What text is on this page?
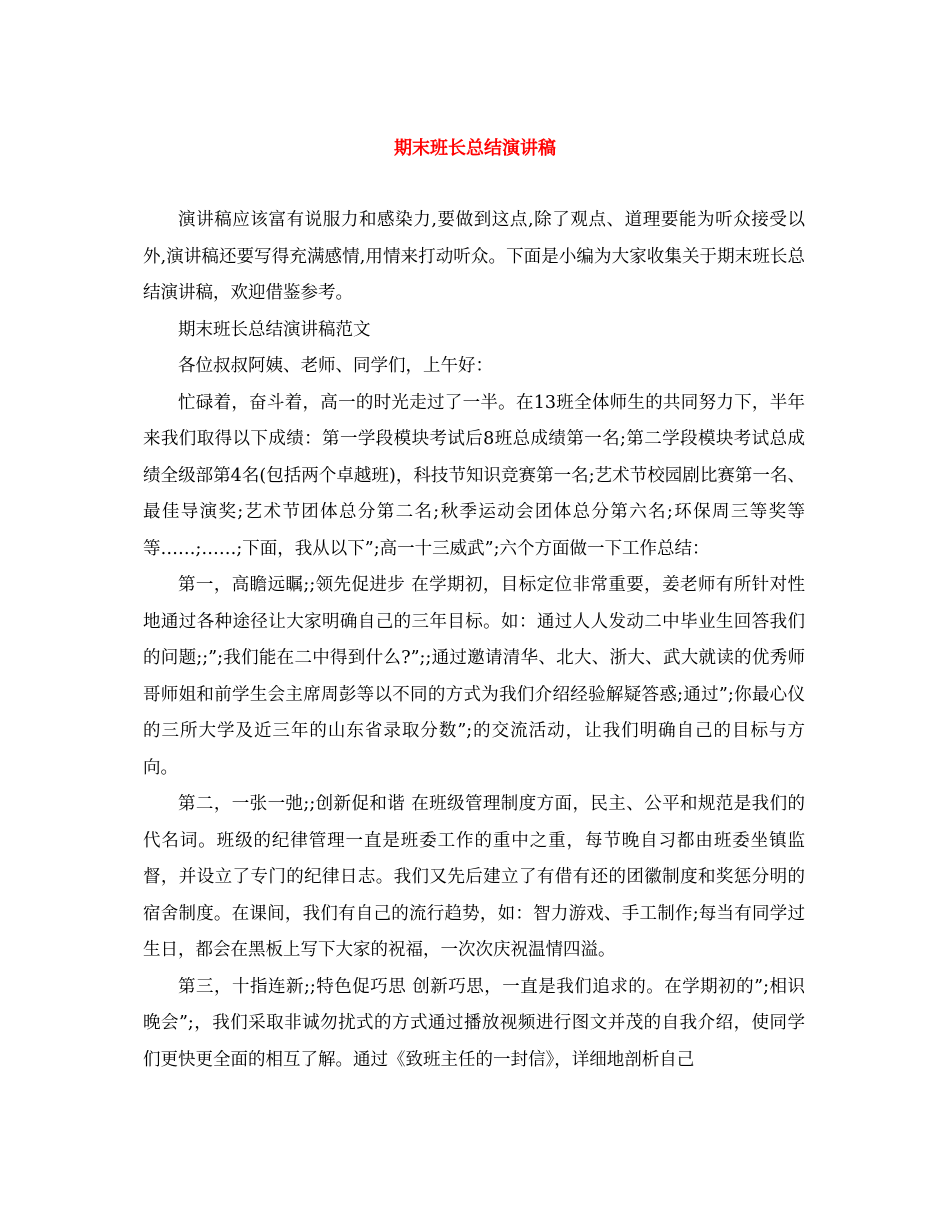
期末班长总结演讲稿

演讲稿应该富有说服力和感染力,要做到这点,除了观点、道理要能为听众接受以外,演讲稿还要写得充满感情,用情来打动听众。下面是小编为大家收集关于期末班长总结演讲稿，欢迎借鉴参考。

期末班长总结演讲稿范文

各位叔叔阿姨、老师、同学们，上午好：

忙碌着，奋斗着，高一的时光走过了一半。在13班全体师生的共同努力下，半年来我们取得以下成绩：第一学段模块考试后8班总成绩第一名;第二学段模块考试总成绩全级部第4名(包括两个卓越班)，科技节知识竞赛第一名;艺术节校园剧比赛第一名、最佳导演奖;艺术节团体总分第二名;秋季运动会团体总分第六名;环保周三等奖等等……;……;下面，我从以下”;高一十三威武”;六个方面做一下工作总结：

第一，高瞻远瞩;;领先促进步 在学期初，目标定位非常重要，姜老师有所针对性地通过各种途径让大家明确自己的三年目标。如：通过人人发动二中毕业生回答我们的问题;;”;我们能在二中得到什么?”;;通过邀请清华、北大、浙大、武大就读的优秀师哥师姐和前学生会主席周彭等以不同的方式为我们介绍经验解疑答惑;通过”;你最心仪的三所大学及近三年的山东省录取分数”;的交流活动，让我们明确自己的目标与方向。

第二，一张一弛;;创新促和谐 在班级管理制度方面，民主、公平和规范是我们的代名词。班级的纪律管理一直是班委工作的重中之重，每节晚自习都由班委坐镇监督，并设立了专门的纪律日志。我们又先后建立了有借有还的团徽制度和奖惩分明的宿舍制度。在课间，我们有自己的流行趋势，如：智力游戏、手工制作;每当有同学过生日，都会在黑板上写下大家的祝福，一次次庆祝温情四溢。

第三，十指连新;;特色促巧思 创新巧思，一直是我们追求的。在学期初的”;相识晚会”;，我们采取非诚勿扰式的方式通过播放视频进行图文并茂的自我介绍，使同学们更快更全面的相互了解。通过《致班主任的一封信》，详细地剖析自己
